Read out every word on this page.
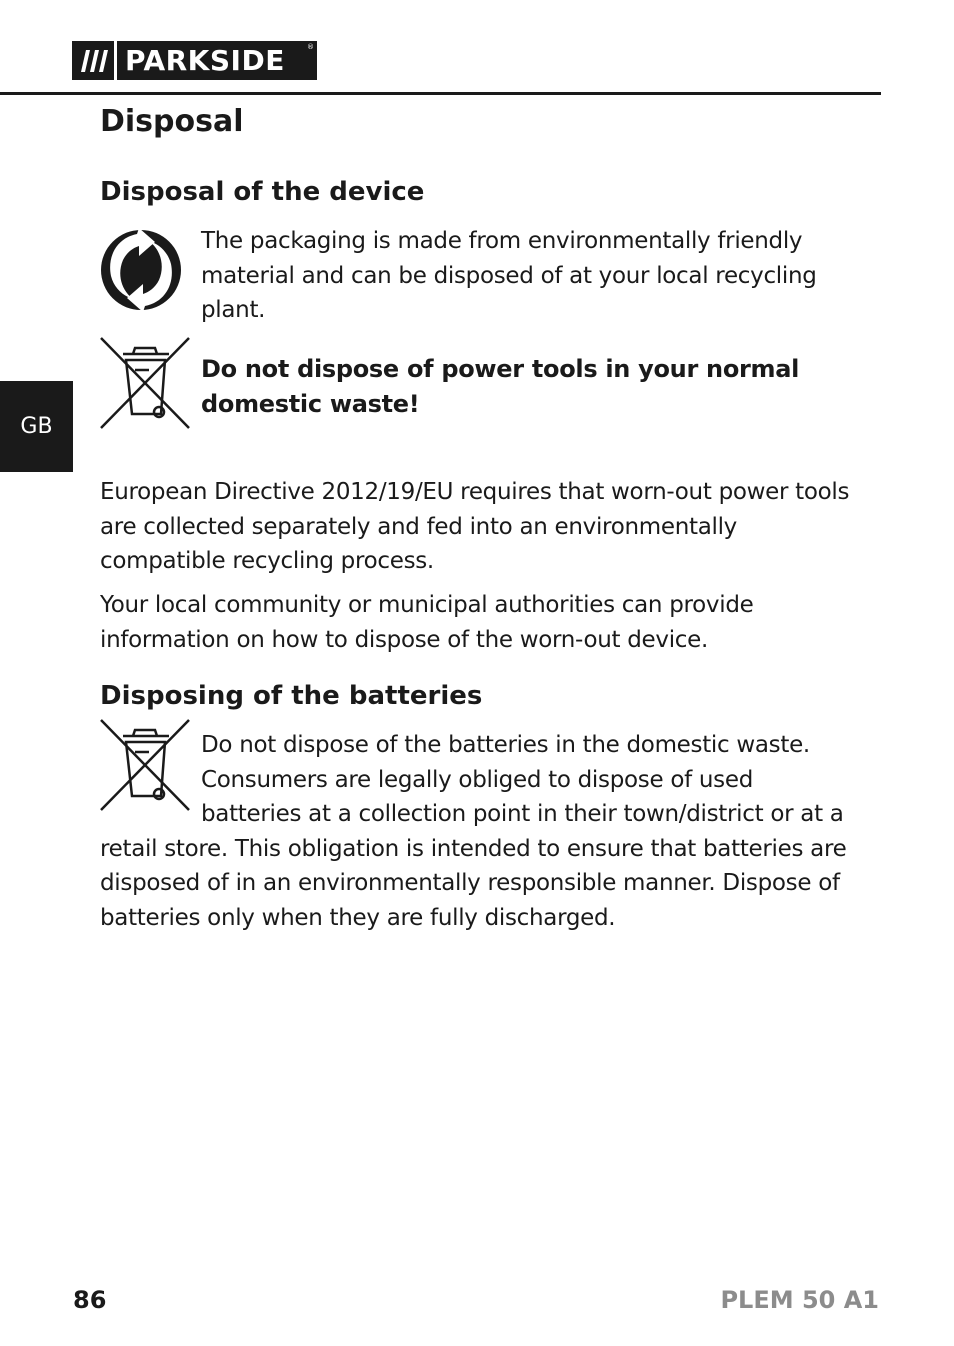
PARKSIDE	®
GB
Disposal
Disposal of the device

The packaging is made from environmentally friendly material and can be disposed of at your local recycling plant.

Do not dispose of power tools in your normal domestic waste!

European Directive 2012/19/EU requires that worn-out power tools are collected separately and fed into an environmentally compatible recycling process.

Your local community or municipal authorities can provide information on how to dispose of the worn-out device.

Disposing of the batteries

Do not dispose of the batteries in the domestic waste. Consumers are legally obliged to dispose of used batteries at a collection point in their town/district or at a retail store. This obligation is intended to ensure that batteries are disposed of in an environmentally responsible manner. Dispose of batteries only when they are fully discharged.

86	PLEM 50 A1
